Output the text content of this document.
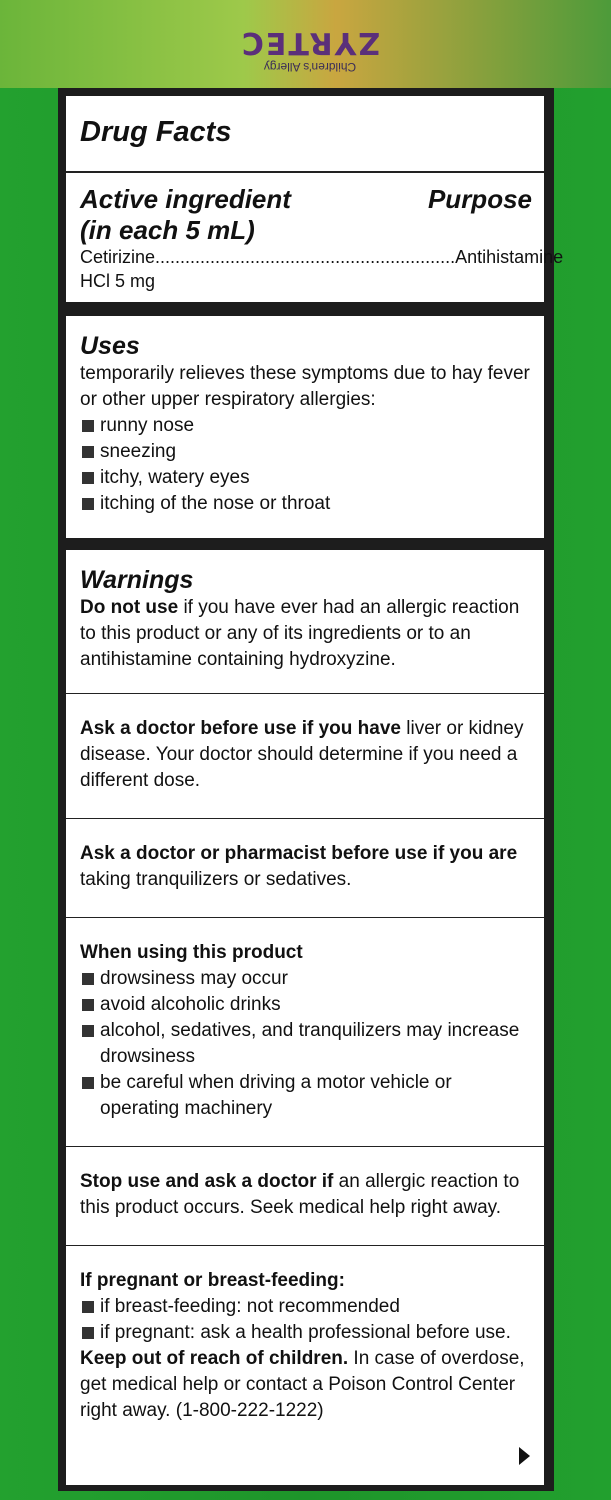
Children's Allergy
ZYRTEC
Drug Facts
Active ingredient	Purpose
(in each 5 mL)
Cetirizine HCl 5 mg
............................................................ Antihistamine
Uses

temporarily relieves these symptoms due to hay fever or other upper respiratory allergies:

runny nose
sneezing
itchy, watery eyes
itching of the nose or throat
Warnings

Do not use if you have ever had an allergic reaction to this product or any of its ingredients or to an antihistamine containing hydroxyzine.

Ask a doctor before use if you have liver or kidney disease. Your doctor should determine if you need a different dose.

Ask a doctor or pharmacist before use if you are taking tranquilizers or sedatives.

When using this product

drowsiness may occur
avoid alcoholic drinks
alcohol, sedatives, and tranquilizers may increase drowsiness
be careful when driving a motor vehicle or operating machinery

Stop use and ask a doctor if an allergic reaction to this product occurs. Seek medical help right away.

If pregnant or breast-feeding:

if breast-feeding: not recommended
if pregnant: ask a health professional before use.

Keep out of reach of children. In case of overdose, get medical help or contact a Poison Control Center right away. (1-800-222-1222)
